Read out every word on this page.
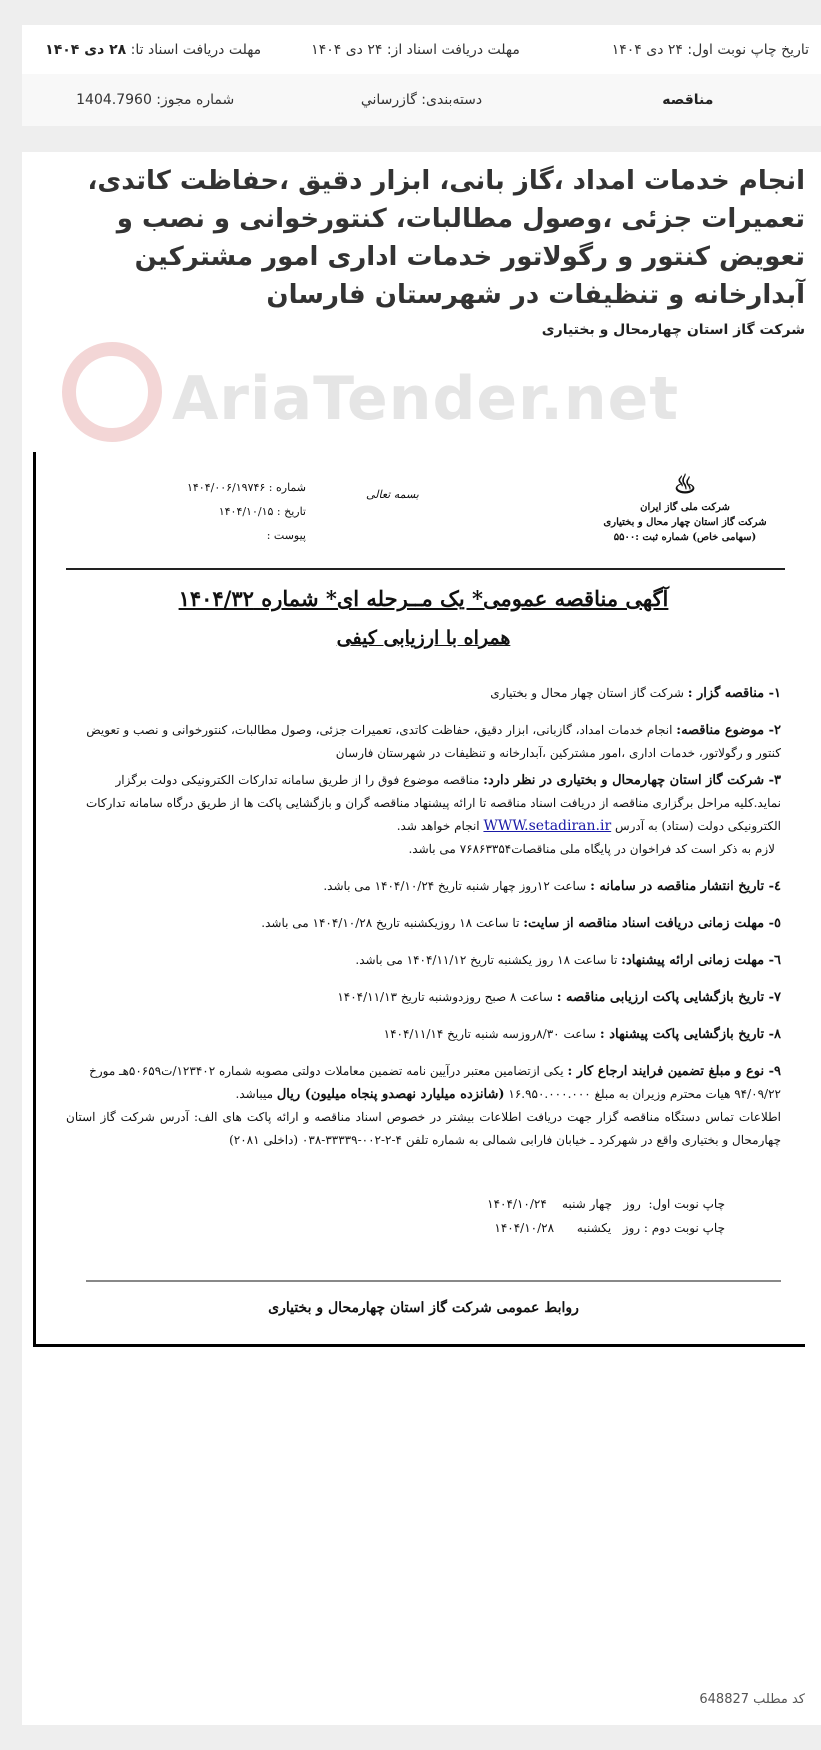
تاریخ چاپ نوبت اول: ۲۴ دی ۱۴۰۴
مهلت دریافت اسناد از: ۲۴ دی ۱۴۰۴
مهلت دریافت اسناد تا: ۲۸ دی ۱۴۰۴
مناقصه
دسته‌بندی: گازرساني
شماره مجوز: 1404.7960
انجام خدمات امداد ،گاز بانی، ابزار دقیق ،حفاظت کاتدی، تعمیرات جزئی ،وصول مطالبات، کنتورخوانی و نصب و تعویض کنتور و رگولاتور خدمات اداری امور مشترکین آبدارخانه و تنظیفات در شهرستان فارسان
شرکت گاز استان چهارمحال و بختیاری
AriaTender.net
♨
شرکت ملی گاز ایران
شرکت گاز استان چهار محال و بختیاری
(سهامی خاص) شماره ثبت :۵۵۰۰
بسمه تعالی
شماره : ۱۴۰۴/۰۰۶/۱۹۷۴۶
تاریخ : ۱۴۰۴/۱۰/۱۵
پیوست :
آگهی مناقصه عمومی* یک مــرحله ای* شماره ۱۴۰۴/۳۲
همراه با ارزیابی کیفی

۱- مناقصه گزار : شرکت گاز استان چهار محال و بختیاری

۲- موضوع مناقصه: انجام خدمات امداد، گازبانی، ابزار دقیق، حفاظت کاتدی، تعمیرات جزئی، وصول مطالبات، کنتورخوانی و نصب و تعویض کنتور و رگولاتور، خدمات اداری ،امور مشترکین ،آبدارخانه و تنظیفات در شهرستان فارسان

۳- شرکت گاز استان چهارمحال و بختیاری در نظر دارد: مناقصه موضوع فوق را از طریق سامانه تدارکات الکترونیکی دولت برگزار نماید.کلیه مراحل برگزاری مناقصه از دریافت اسناد مناقصه تا ارائه پیشنهاد مناقصه گران و بازگشایی پاکت ها از طریق درگاه سامانه تدارکات الکترونیکی دولت (ستاد) به آدرس WWW.setadiran.ir انجام خواهد شد.

لازم به ذکر است کد فراخوان در پایگاه ملی مناقصات۷۶۸۶۳۳۵۴ می باشد.

٤- تاریخ انتشار مناقصه در سامانه : ساعت ۱۲روز چهار شنبه تاریخ ۱۴۰۴/۱۰/۲۴ می باشد.

٥- مهلت زمانی دریافت اسناد مناقصه از سایت: تا ساعت ۱۸ روزیکشنبه تاریخ ۱۴۰۴/۱۰/۲۸ می باشد.

٦- مهلت زمانی ارائه پیشنهاد: تا ساعت ۱۸ روز یکشنبه تاریخ ۱۴۰۴/۱۱/۱۲ می باشد.

۷- تاریخ بازگشایی پاکت ارزیابی مناقصه : ساعت ۸ صبح روزدوشنبه تاریخ ۱۴۰۴/۱۱/۱۳

۸- تاریخ بازگشایی پاکت پیشنهاد : ساعت ۸/۳۰روزسه شنبه تاریخ ۱۴۰۴/۱۱/۱۴

۹- نوع و مبلغ تضمین فرایند ارجاع کار : یکی ازتضامین معتبر درآیین نامه تضمین معاملات دولتی مصوبه شماره ۱۲۳۴۰۲/ت۵۰۶۵۹هـ مورخ ۹۴/۰۹/۲۲ هیات محترم وزیران به مبلغ ۱۶.۹۵۰.۰۰۰.۰۰۰ (شانزده میلیارد نهصدو پنجاه میلیون) ریال میباشد.

اطلاعات تماس دستگاه مناقصه گزار جهت دریافت اطلاعات بیشتر در خصوص اسناد مناقصه و ارائه پاکت های الف: آدرس شرکت گاز استان چهارمحال و بختیاری واقع در شهرکرد ـ خیابان فارابی شمالی به شماره تلفن ۴-۲-۰۰۲-۳۳۳۳۹-۰۳۸ (داخلی ۲۰۸۱)

چاپ نوبت اول:  روز   چهار شنبه    ۱۴۰۴/۱۰/۲۴
چاپ نوبت دوم : روز   یکشنبه      ۱۴۰۴/۱۰/۲۸
روابط عمومی شرکت گاز استان چهارمحال و بختیاری
کد مطلب 648827
